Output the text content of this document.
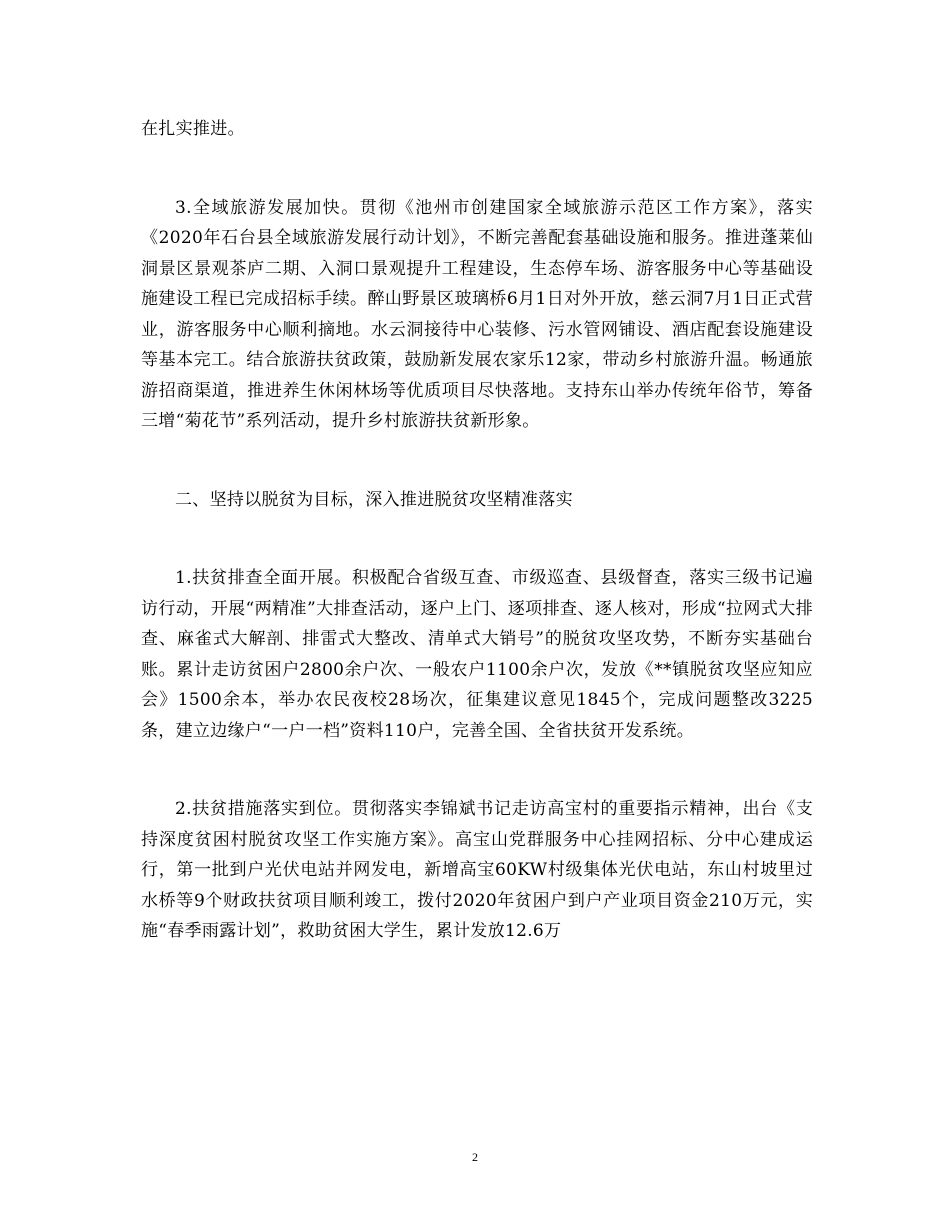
在扎实推进。

3.全域旅游发展加快。贯彻《池州市创建国家全域旅游示范区工作方案》，落实《2020年石台县全域旅游发展行动计划》，不断完善配套基础设施和服务。推进蓬莱仙洞景区景观茶庐二期、入洞口景观提升工程建设，生态停车场、游客服务中心等基础设施建设工程已完成招标手续。醉山野景区玻璃桥6月1日对外开放，慈云洞7月1日正式营业，游客服务中心顺利摘地。水云洞接待中心装修、污水管网铺设、酒店配套设施建设等基本完工。结合旅游扶贫政策，鼓励新发展农家乐12家，带动乡村旅游升温。畅通旅游招商渠道，推进养生休闲林场等优质项目尽快落地。支持东山举办传统年俗节，筹备三增“菊花节”系列活动，提升乡村旅游扶贫新形象。

二、坚持以脱贫为目标，深入推进脱贫攻坚精准落实

1.扶贫排查全面开展。积极配合省级互查、市级巡查、县级督查，落实三级书记遍访行动，开展“两精准”大排查活动，逐户上门、逐项排查、逐人核对，形成“拉网式大排查、麻雀式大解剖、排雷式大整改、清单式大销号”的脱贫攻坚攻势，不断夯实基础台账。累计走访贫困户2800余户次、一般农户1100余户次，发放《**镇脱贫攻坚应知应会》1500余本，举办农民夜校28场次，征集建议意见1845个，完成问题整改3225条，建立边缘户“一户一档”资料110户，完善全国、全省扶贫开发系统。

2.扶贫措施落实到位。贯彻落实李锦斌书记走访高宝村的重要指示精神，出台《支持深度贫困村脱贫攻坚工作实施方案》。高宝山党群服务中心挂网招标、分中心建成运行，第一批到户光伏电站并网发电，新增高宝60KW村级集体光伏电站，东山村坡里过水桥等9个财政扶贫项目顺利竣工，拨付2020年贫困户到户产业项目资金210万元，实施“春季雨露计划”，救助贫困大学生，累计发放12.6万

2
